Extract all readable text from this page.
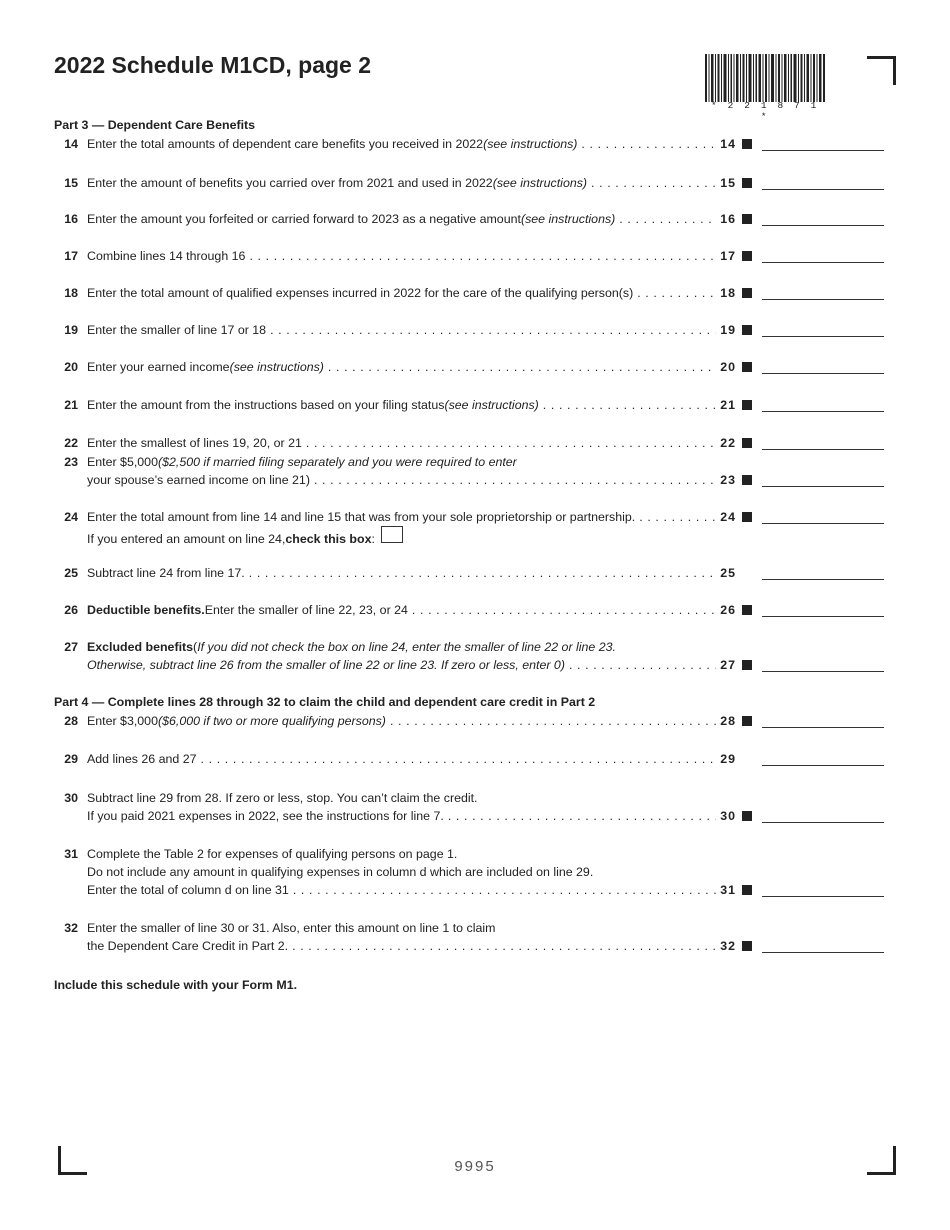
2022 Schedule M1CD, page 2
* 2 2 1 8 7 1 *
Part 3 — Dependent Care Benefits
14 Enter the total amounts of dependent care benefits you received in 2022 (see instructions) . . .	14
15 Enter the amount of benefits you carried over from 2021 and used in 2022 (see instructions) . . .	15
16 Enter the amount you forfeited or carried forward to 2023 as a negative amount (see instructions) . . .	16
17 Combine lines 14 through 16 . . .	17
18 Enter the total amount of qualified expenses incurred in 2022 for the care of the qualifying person(s) . . .	18
19 Enter the smaller of line 17 or 18 . . .	19
20 Enter your earned income (see instructions) . . .	20
21 Enter the amount from the instructions based on your filing status (see instructions) . . .	21
22 Enter the smallest of lines 19, 20, or 21 . . .	22
23 Enter $5,000 ($2,500 if married filing separately and you were required to enter
your spouse’s earned income on line 21) . . .	23
24 Enter the total amount from line 14 and line 15 that was from your sole proprietorship or partnership. . . .	24
If you entered an amount on line 24, check this box :
25 Subtract line 24 from line 17. . . .	25
26 Deductible benefits. Enter the smaller of line 22, 23, or 24 . . .	26
27 Excluded benefits ( If you did not check the box on line 24, enter the smaller of line 22 or line 23.
Otherwise, subtract line 26 from the smaller of line 22 or line 23. If zero or less, enter 0) . . .	27
Part 4 — Complete lines 28 through 32 to claim the child and dependent care credit in Part 2
28 Enter $3,000 ($6,000 if two or more qualifying persons) . . .	28
29 Add lines 26 and 27 . . .	29
30 Subtract line 29 from 28. If zero or less, stop. You can’t claim the credit.
If you paid 2021 expenses in 2022, see the instructions for line 7. . . .	30
31 Complete the Table 2 for expenses of qualifying persons on page 1.
Do not include any amount in qualifying expenses in column d which are included on line 29.
Enter the total of column d on line 31 . . .	31
32 Enter the smaller of line 30 or 31. Also, enter this amount on line 1 to claim
the Dependent Care Credit in Part 2. . . .	32
Include this schedule with your Form M1.
9995
